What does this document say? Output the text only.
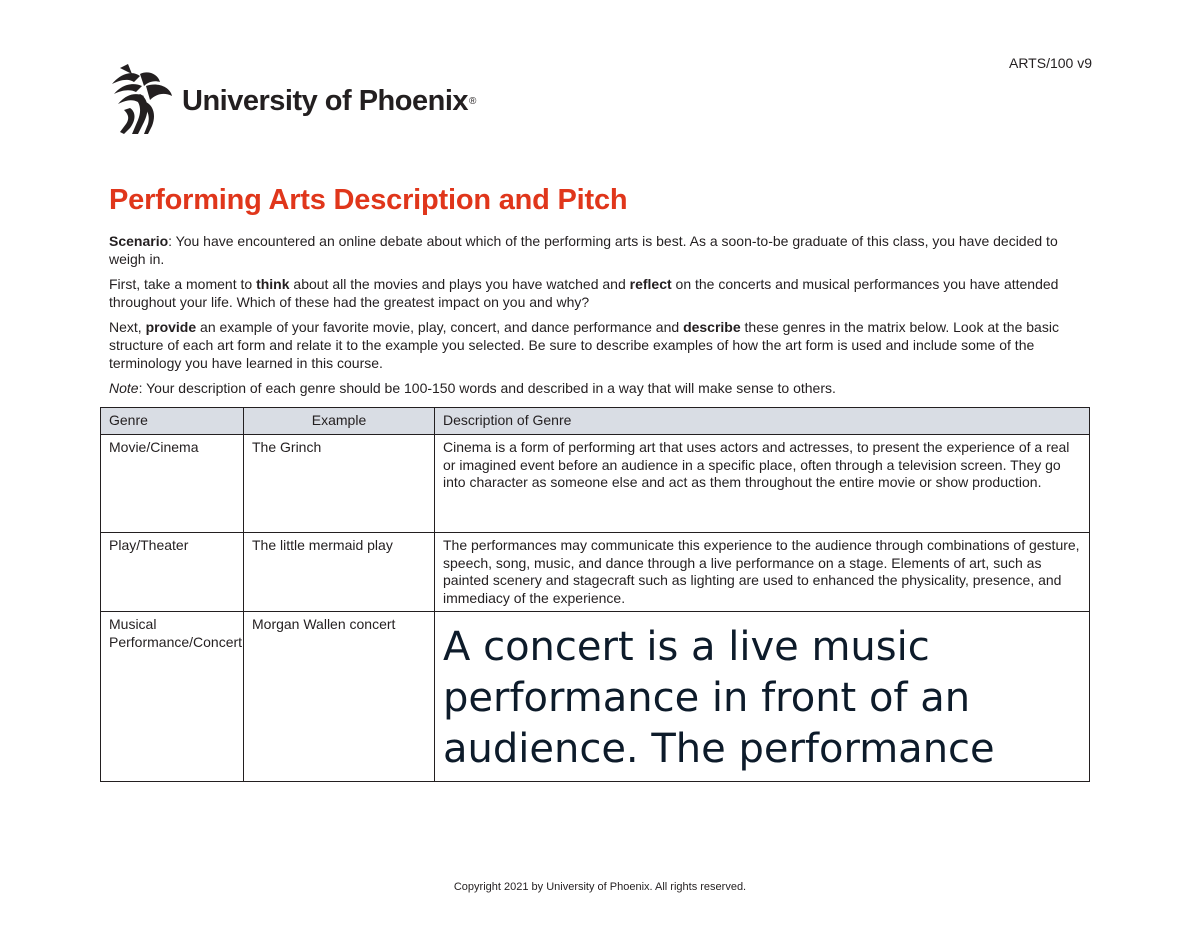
ARTS/100 v9
University of Phoenix®
Performing Arts Description and Pitch

Scenario: You have encountered an online debate about which of the performing arts is best. As a soon-to-be graduate of this class, you have decided to weigh in.

First, take a moment to think about all the movies and plays you have watched and reflect on the concerts and musical performances you have attended throughout your life. Which of these had the greatest impact on you and why?

Next, provide an example of your favorite movie, play, concert, and dance performance and describe these genres in the matrix below. Look at the basic structure of each art form and relate it to the example you selected. Be sure to describe examples of how the art form is used and include some of the terminology you have learned in this course.

Note: Your description of each genre should be 100-150 words and described in a way that will make sense to others.

Genre	Example	Description of Genre
Movie/Cinema	The Grinch	Cinema is a form of performing art that uses actors and actresses, to present the experience of a real or imagined event before an audience in a specific place, often through a television screen. They go into character as someone else and act as them throughout the entire movie or show production.
Play/Theater	The little mermaid play	The performances may communicate this experience to the audience through combinations of gesture, speech, song, music, and dance through a live performance on a stage. Elements of art, such as painted scenery and stagecraft such as lighting are used to enhanced the physicality, presence, and immediacy of the experience.
Musical Performance/Concert	Morgan Wallen concert	A concert is a live music performance in front of an audience. The performance
Copyright 2021 by University of Phoenix. All rights reserved.
